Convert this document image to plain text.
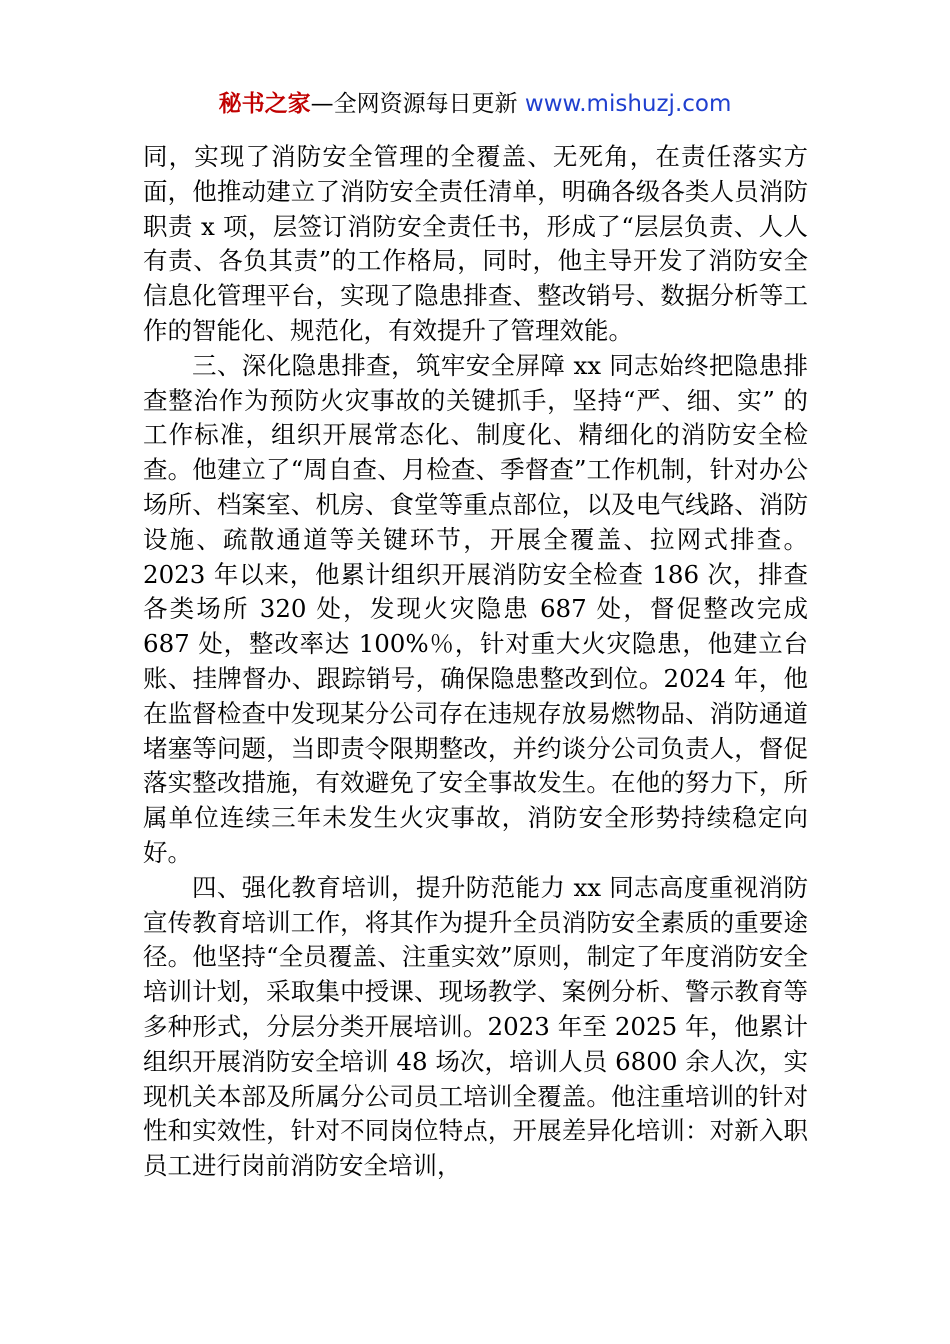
秘书之家—全网资源每日更新 www.mishuzj.com

同，实现了消防安全管理的全覆盖、无死角，在责任落实方面，他推动建立了消防安全责任清单，明确各级各类人员消防职责 x 项，层签订消防安全责任书，形成了“层层负责、人人有责、各负其责”的工作格局，同时，他主导开发了消防安全信息化管理平台，实现了隐患排查、整改销号、数据分析等工作的智能化、规范化，有效提升了管理效能。

三、深化隐患排查，筑牢安全屏障 xx 同志始终把隐患排查整治作为预防火灾事故的关键抓手，坚持“严、细、实” 的工作标准，组织开展常态化、制度化、精细化的消防安全检查。他建立了“周自查、月检查、季督查”工作机制，针对办公场所、档案室、机房、食堂等重点部位，以及电气线路、消防设施、疏散通道等关键环节，开展全覆盖、拉网式排查。2023 年以来，他累计组织开展消防安全检查 186 次，排查各类场所 320 处，发现火灾隐患 687 处，督促整改完成 687 处，整改率达 100%％，针对重大火灾隐患，他建立台账、挂牌督办、跟踪销号，确保隐患整改到位。2024 年，他在监督检查中发现某分公司存在违规存放易燃物品、消防通道堵塞等问题，当即责令限期整改，并约谈分公司负责人，督促落实整改措施，有效避免了安全事故发生。在他的努力下，所属单位连续三年未发生火灾事故，消防安全形势持续稳定向好。

四、强化教育培训，提升防范能力 xx 同志高度重视消防宣传教育培训工作，将其作为提升全员消防安全素质的重要途径。他坚持“全员覆盖、注重实效”原则，制定了年度消防安全培训计划，采取集中授课、现场教学、案例分析、警示教育等多种形式，分层分类开展培训。2023 年至 2025 年，他累计组织开展消防安全培训 48 场次，培训人员 6800 余人次，实现机关本部及所属分公司员工培训全覆盖。他注重培训的针对性和实效性，针对不同岗位特点，开展差异化培训：对新入职员工进行岗前消防安全培训，
